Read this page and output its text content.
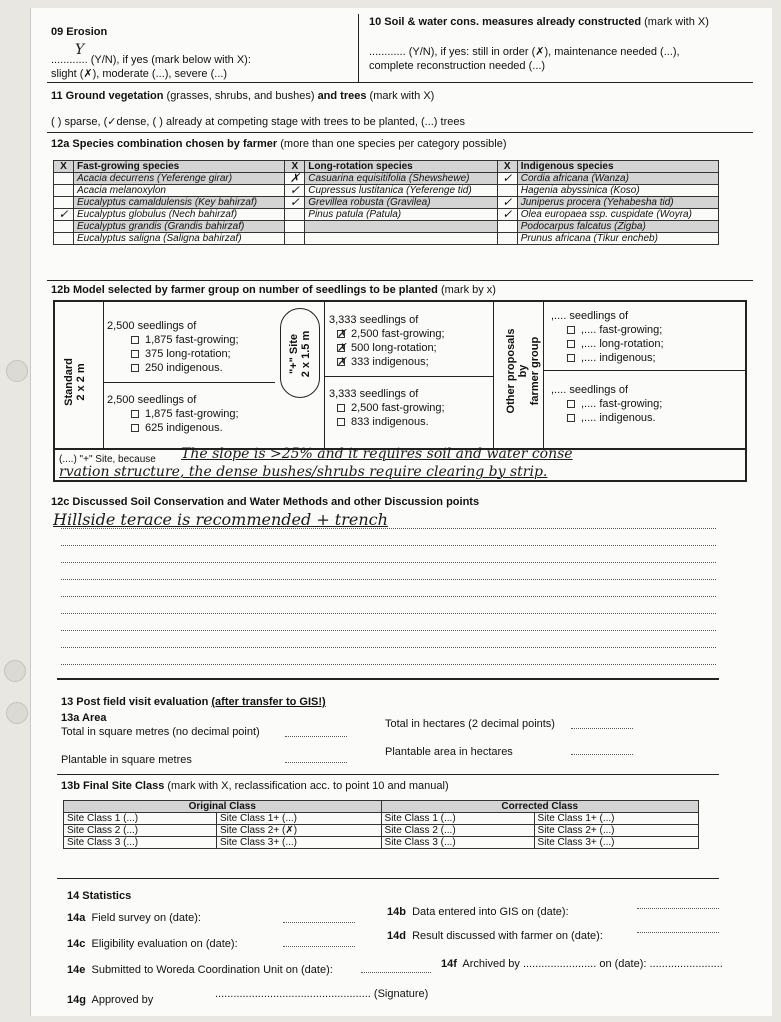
09 Erosion
Y
............ (Y/N), if yes (mark below with X):
slight (✗), moderate (...), severe (...)
10 Soil & water cons. measures already constructed (mark with X)
............ (Y/N), if yes: still in order (✗), maintenance needed (...),
complete reconstruction needed (...)
11 Ground vegetation (grasses, shrubs, and bushes) and trees (mark with X)
( ) sparse, (✓dense, ( ) already at competing stage with trees to be planted, (...) trees
12a Species combination chosen by farmer (more than one species per category possible)
X	Fast-growing species	X	Long-rotation species	X	Indigenous species
	Acacia decurrens (Yeferenge girar)	✗	Casuarina equisitifolia (Shewshewe)	✓	Cordia africana (Wanza)
	Acacia melanoxylon	✓	Cupressus lustitanica (Yeferenge tid)		Hagenia abyssinica (Koso)
	Eucalyptus camaldulensis (Key bahirzaf)	✓	Grevillea robusta (Gravilea)	✓	Juniperus procera (Yehabesha tid)
✓	Eucalyptus globulus (Nech bahirzaf)		Pinus patula (Patula)	✓	Olea europaea ssp. cuspidate (Woyra)
	Eucalyptus grandis (Grandis bahirzaf)				Podocarpus falcatus (Zigba)
	Eucalyptus saligna (Saligna bahirzaf)				Prunus africana (Tikur encheb)
12b Model selected by farmer group on number of seedlings to be planted (mark by x)
Standard
2 x 2 m	"+" Site
2 x 1.5 m
Other proposals by
farmer group
2,500 seedlings of
1,875 fast-growing;
375 long-rotation;
250 indigenous.
2,500 seedlings of
1,875 fast-growing;
625 indigenous.
3,333 seedlings of
✗ 2,500 fast-growing;
✗ 500 long-rotation;
✗ 333 indigenous;
3,333 seedlings of
2,500 fast-growing;
833 indigenous.
,.... seedlings of
,.... fast-growing;
,.... long-rotation;
,.... indigenous;
,.... seedlings of
,.... fast-growing;
,.... indigenous.
(....) "+" Site, because The slope is >25% and it requires soil and water conse
rvation structure, the dense bushes/shrubs require clearing by strip.
12c Discussed Soil Conservation and Water Methods and other Discussion points
Hillside terace is recommended + trench
13 Post field visit evaluation (after transfer to GIS!)
13a Area
Total in square metres (no decimal point)
Total in hectares (2 decimal points)
Plantable in square metres
Plantable area in hectares
13b Final Site Class (mark with X, reclassification acc. to point 10 and manual)
Original Class		Corrected Class	
Site Class 1 (...)	Site Class 1+ (...)	Site Class 1 (...)	Site Class 1+ (...)
Site Class 2 (...)	Site Class 2+ (✗)	Site Class 2 (...)	Site Class 2+ (...)
Site Class 3 (...)	Site Class 3+ (...)	Site Class 3 (...)	Site Class 3+ (...)
14 Statistics
14a Field survey on (date):	14b Data entered into GIS on (date):
14c Eligibility evaluation on (date):
14d Result discussed with farmer on (date):
14e Submitted to Woreda Coordination Unit on (date):	14f Archived by ........................ on (date): ........................
14g Approved by	................................................... (Signature)
